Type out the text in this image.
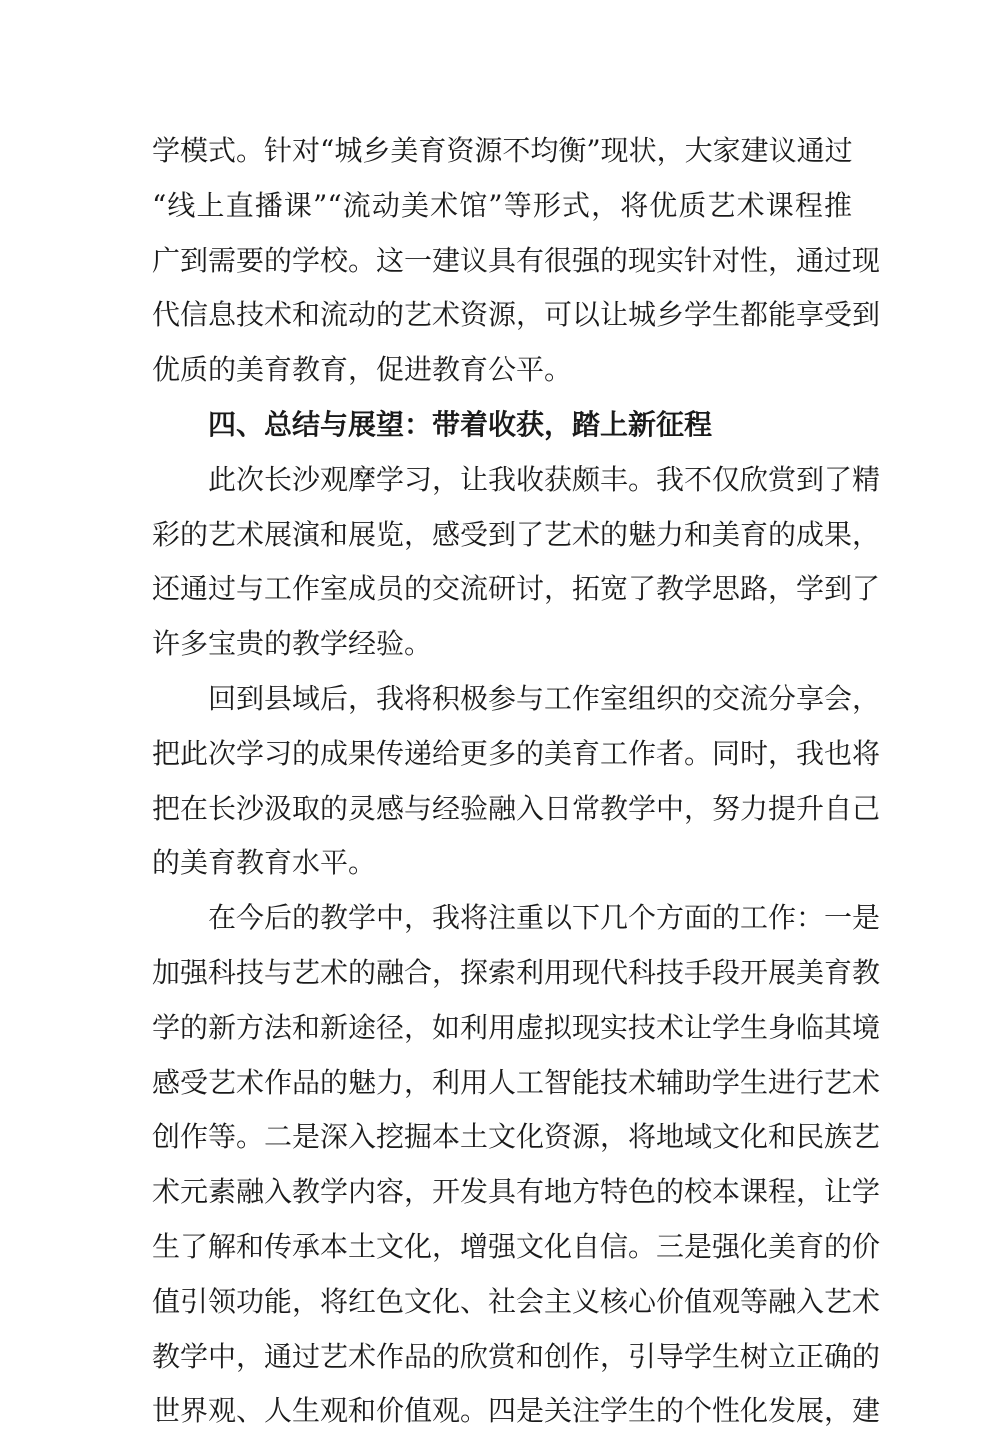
学模式。针对“城乡美育资源不均衡”现状，大家建议通过
“线上直播课”“流动美术馆”等形式，将优质艺术课程推
广到需要的学校。这一建议具有很强的现实针对性，通过现
代信息技术和流动的艺术资源，可以让城乡学生都能享受到
优质的美育教育，促进教育公平。
四、总结与展望：带着收获，踏上新征程
此次长沙观摩学习，让我收获颇丰。我不仅欣赏到了精
彩的艺术展演和展览，感受到了艺术的魅力和美育的成果，
还通过与工作室成员的交流研讨，拓宽了教学思路，学到了
许多宝贵的教学经验。
回到县域后，我将积极参与工作室组织的交流分享会，
把此次学习的成果传递给更多的美育工作者。同时，我也将
把在长沙汲取的灵感与经验融入日常教学中，努力提升自己
的美育教育水平。
在今后的教学中，我将注重以下几个方面的工作：一是
加强科技与艺术的融合，探索利用现代科技手段开展美育教
学的新方法和新途径，如利用虚拟现实技术让学生身临其境
感受艺术作品的魅力，利用人工智能技术辅助学生进行艺术
创作等。二是深入挖掘本土文化资源，将地域文化和民族艺
术元素融入教学内容，开发具有地方特色的校本课程，让学
生了解和传承本土文化，增强文化自信。三是强化美育的价
值引领功能，将红色文化、社会主义核心价值观等融入艺术
教学中，通过艺术作品的欣赏和创作，引导学生树立正确的
世界观、人生观和价值观。四是关注学生的个性化发展，建
